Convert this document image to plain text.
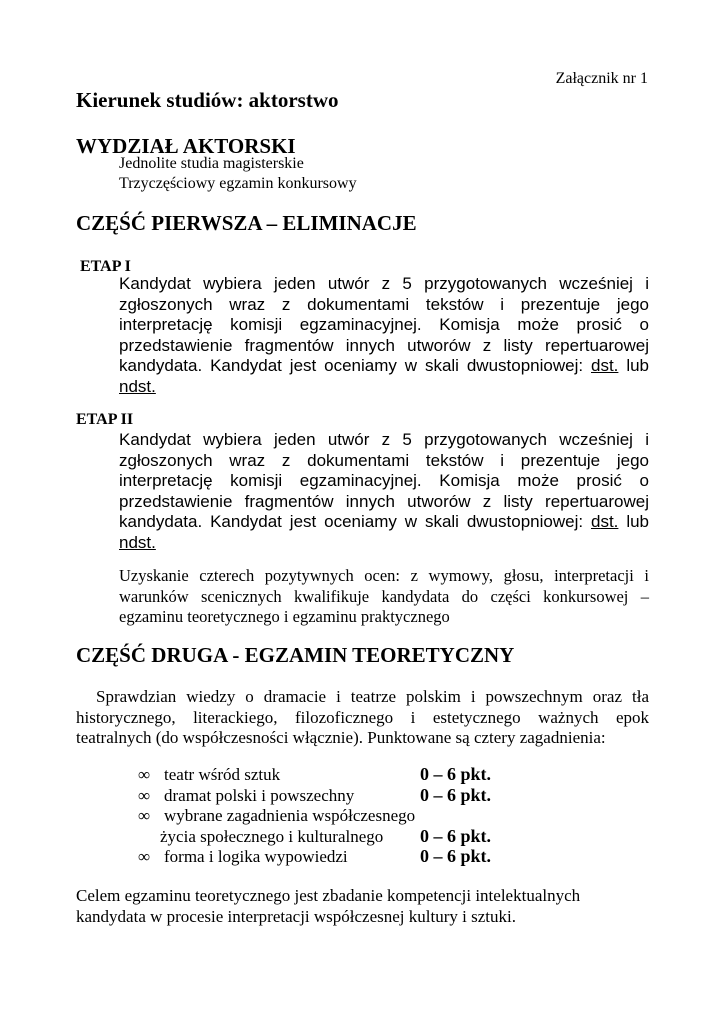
Załącznik nr 1
Kierunek studiów: aktorstwo
WYDZIAŁ AKTORSKI
Jednolite studia magisterskie
Trzyczęściowy egzamin konkursowy
CZĘŚĆ PIERWSZA – ELIMINACJE
ETAP I
Kandydat wybiera jeden utwór z 5 przygotowanych wcześniej i zgłoszonych wraz z dokumentami tekstów i prezentuje jego interpretację komisji egzaminacyjnej. Komisja może prosić o przedstawienie fragmentów innych utworów z listy repertuarowej kandydata. Kandydat jest oceniamy w skali dwustopniowej: dst. lub ndst.
ETAP II
Kandydat wybiera jeden utwór z 5 przygotowanych wcześniej i zgłoszonych wraz z dokumentami tekstów i prezentuje jego interpretację komisji egzaminacyjnej. Komisja może prosić o przedstawienie fragmentów innych utworów z listy repertuarowej kandydata. Kandydat jest oceniamy w skali dwustopniowej: dst. lub ndst.
Uzyskanie czterech pozytywnych ocen: z wymowy, głosu, interpretacji i warunków scenicznych kwalifikuje kandydata do części konkursowej – egzaminu teoretycznego i egzaminu praktycznego
CZĘŚĆ DRUGA - EGZAMIN TEORETYCZNY
Sprawdzian wiedzy o dramacie i teatrze polskim i powszechnym oraz tła historycznego, literackiego, filozoficznego i estetycznego ważnych epok teatralnych (do współczesności włącznie). Punktowane są cztery zagadnienia:
∞ teatr wśród sztuk	0 – 6 pkt.
∞ dramat polski i powszechny	0 – 6 pkt.
∞ wybrane zagadnienia współczesnego
życia społecznego i kulturalnego 0 – 6 pkt.
∞ forma i logika wypowiedzi	0 – 6 pkt.
Celem egzaminu teoretycznego jest zbadanie kompetencji intelektualnych kandydata w procesie interpretacji współczesnej kultury i sztuki.
